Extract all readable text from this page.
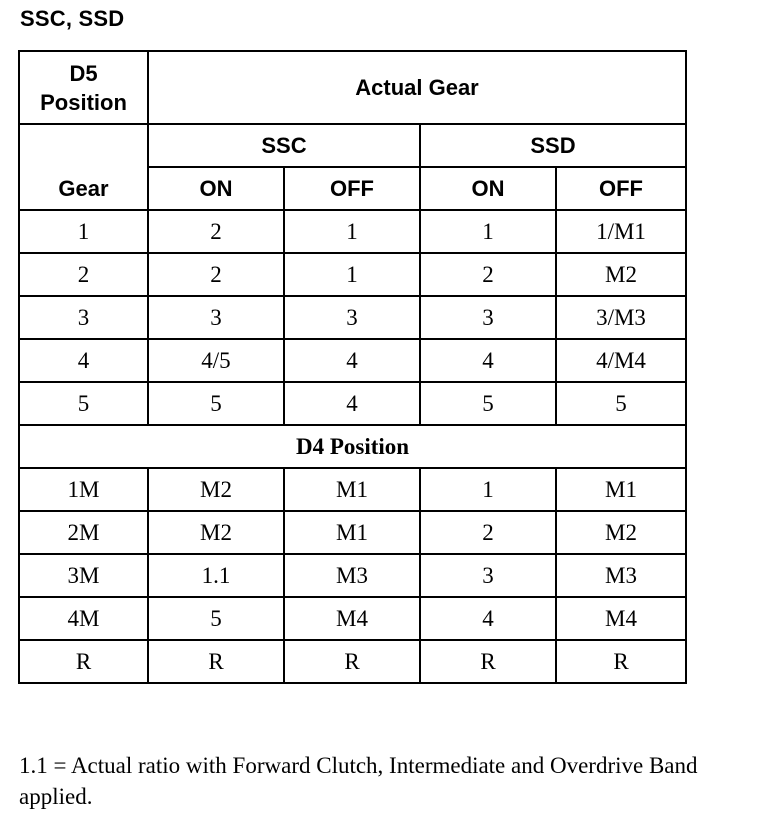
SSC, SSD
D5
Position	Actual Gear			
Gear	SSC		SSD	
	ON	OFF	ON	OFF
1	2	1	1	1/M1
2	2	1	2	M2
3	3	3	3	3/M3
4	4/5	4	4	4/M4
5	5	4	5	5
D4 Position				
1M	M2	M1	1	M1
2M	M2	M1	2	M2
3M	1.1	M3	3	M3
4M	5	M4	4	M4
R	R	R	R	R
1.1 = Actual ratio with Forward Clutch, Intermediate and Overdrive Band applied.
